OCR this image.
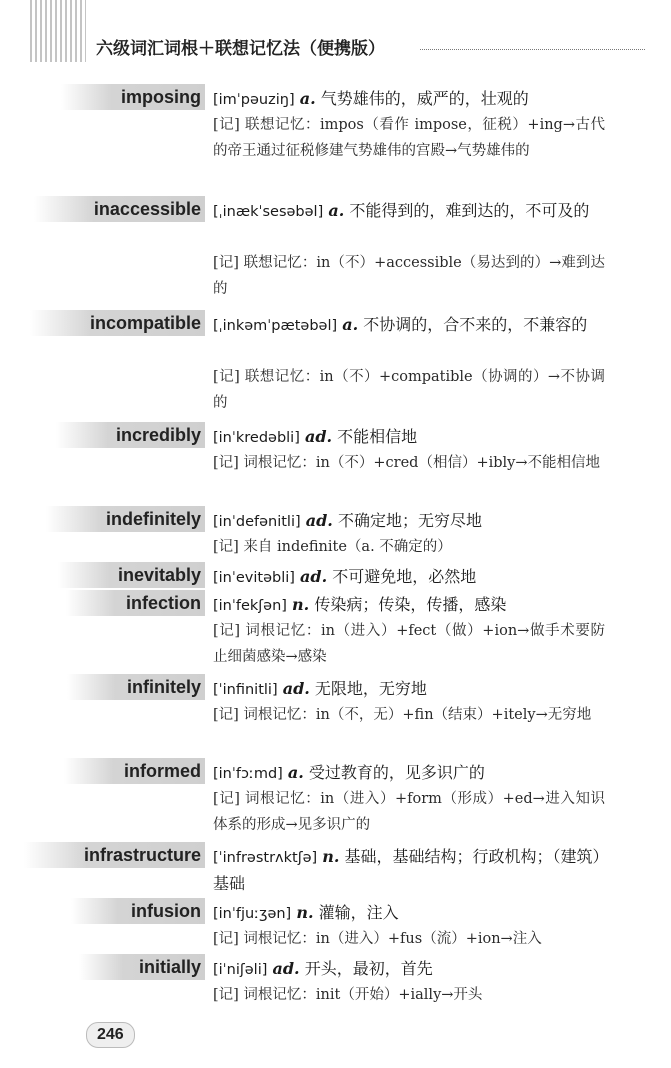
六级词汇词根＋联想记忆法（便携版）
imposing [imˈpəuziŋ] a. 气势雄伟的，威严的，壮观的
[记] 联想记忆：impos（看作 impose，征税）+ing→古代的帝王通过征税修建气势雄伟的宫殿→气势雄伟的
inaccessible [ˌinækˈsesəbəl] a. 不能得到的，难到达的，不可及的
[记] 联想记忆：in（不）+accessible（易达到的）→难到达的
incompatible [ˌinkəmˈpætəbəl] a. 不协调的，合不来的，不兼容的
[记] 联想记忆：in（不）+compatible（协调的）→不协调的
incredibly [inˈkredəbli] ad. 不能相信地
[记] 词根记忆：in（不）+cred（相信）+ibly→不能相信地
indefinitely [inˈdefənitli] ad. 不确定地；无穷尽地
[记] 来自 indefinite（a. 不确定的）
inevitably [inˈevitəbli] ad. 不可避免地，必然地
infection [inˈfekʃən] n. 传染病；传染，传播，感染
[记] 词根记忆：in（进入）+fect（做）+ion→做手术要防止细菌感染→感染
infinitely [ˈinfinitli] ad. 无限地，无穷地
[记] 词根记忆：in（不，无）+fin（结束）+itely→无穷地
informed [inˈfɔːmd] a. 受过教育的，见多识广的
[记] 词根记忆：in（进入）+form（形成）+ed→进入知识体系的形成→见多识广的
infrastructure [ˈinfrəstrʌktʃə] n. 基础，基础结构；行政机构；（建筑）基础
infusion [inˈfjuːʒən] n. 灌输，注入
[记] 词根记忆：in（进入）+fus（流）+ion→注入
initially [iˈniʃəli] ad. 开头，最初，首先
[记] 词根记忆：init（开始）+ially→开头
246
